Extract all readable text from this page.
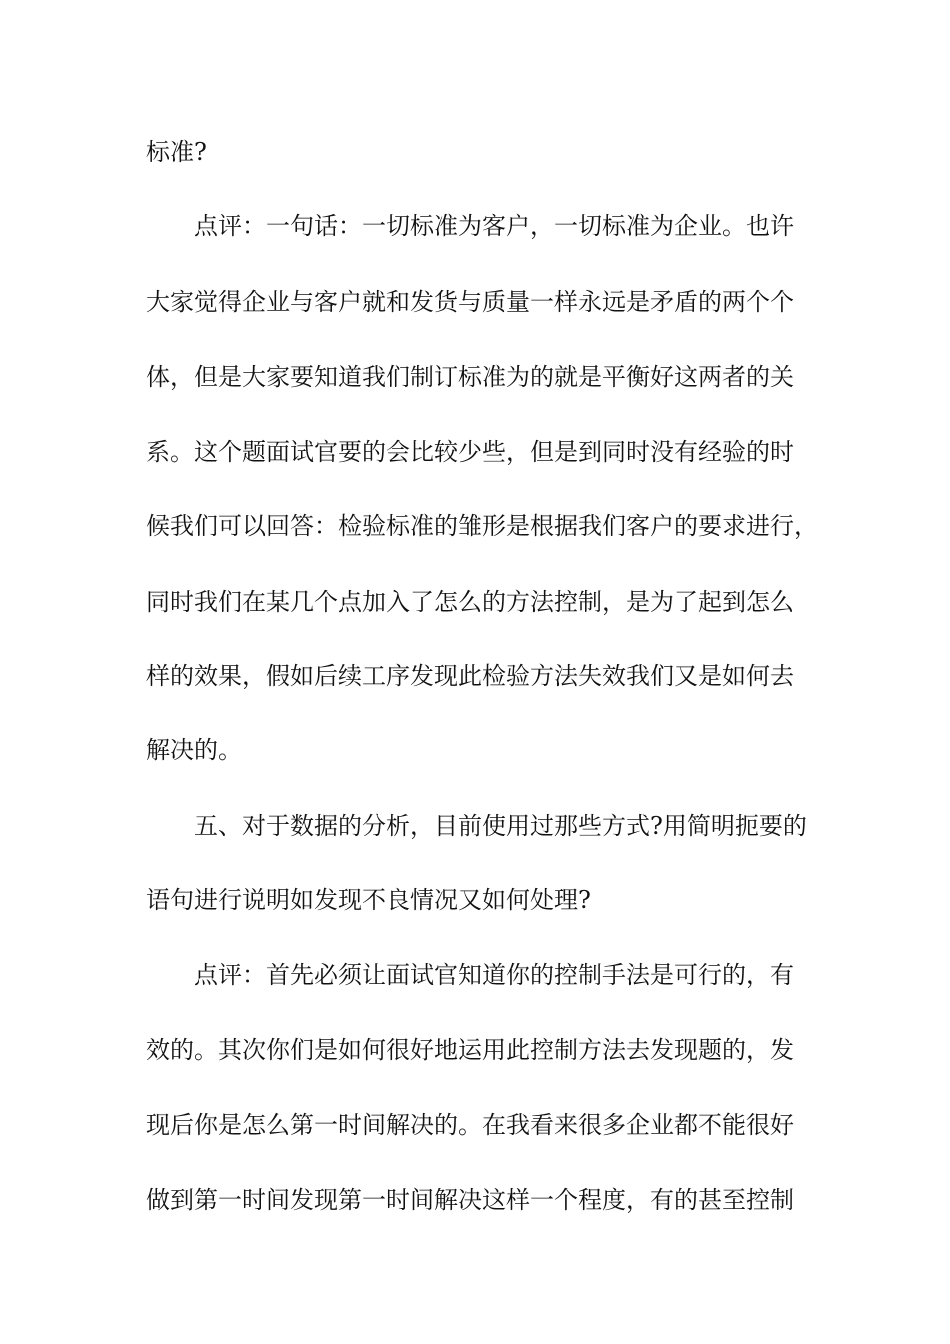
标准?
点评：一句话：一切标准为客户，一切标准为企业。也许
大家觉得企业与客户就和发货与质量一样永远是矛盾的两个个
体，但是大家要知道我们制订标准为的就是平衡好这两者的关
系。这个题面试官要的会比较少些，但是到同时没有经验的时
候我们可以回答：检验标准的雏形是根据我们客户的要求进行，
同时我们在某几个点加入了怎么的方法控制，是为了起到怎么
样的效果，假如后续工序发现此检验方法失效我们又是如何去
解决的。
五、对于数据的分析，目前使用过那些方式?用简明扼要的
语句进行说明如发现不良情况又如何处理?
点评：首先必须让面试官知道你的控制手法是可行的，有
效的。其次你们是如何很好地运用此控制方法去发现题的，发
现后你是怎么第一时间解决的。在我看来很多企业都不能很好
做到第一时间发现第一时间解决这样一个程度，有的甚至控制
